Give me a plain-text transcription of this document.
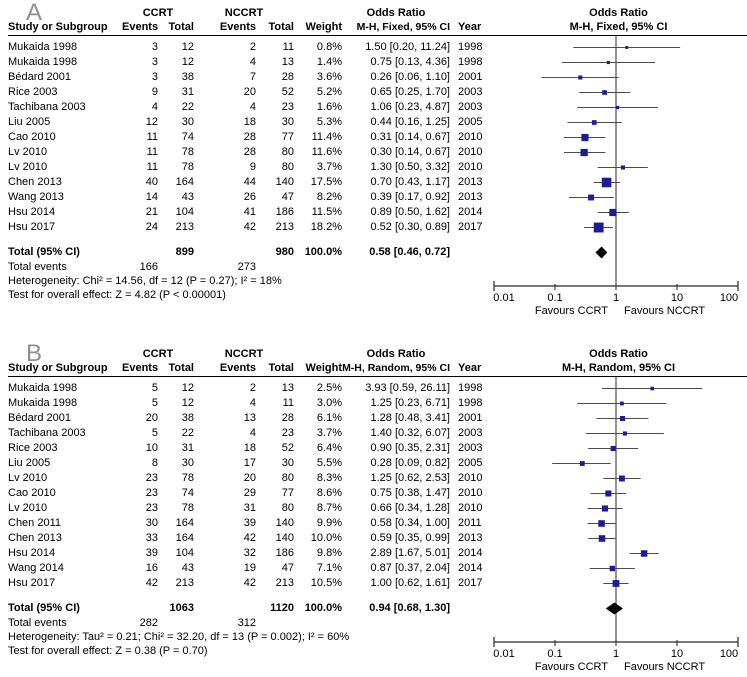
A	CCRT	NCCRT	Odds Ratio
Study or Subgroup	Events Total	Events	Total	Weight	M-H, Fixed, 95% CI Year
Mukaida 1998	3	12	2	11	0.8%	1.50 [0.20, 11.24] 1998
Mukaida 1998	3	12	4	13	1.4%	0.75 [0.13, 4.36] 1998
Bédard 2001	3	38	7	28	3.6%	0.26 [0.06, 1.10] 2001
Rice 2003	9	31	20	52	5.2%	0.65 [0.25, 1.70] 2003
Tachibana 2003	4	22	4	23	1.6%	1.06 [0.23, 4.87] 2003
Liu 2005	12	30	18	30	5.3%	0.44 [0.16, 1.25] 2005
Cao 2010	11	74	28	77	11.4%	0.31 [0.14, 0.67] 2010
Lv 2010	11	78	28	80	11.6%	0.30 [0.14, 0.67] 2010
Lv 2010	11	78	9	80	3.7%	1.30 [0.50, 3.32] 2010
Chen 2013	40	164	44	140	17.5%	0.70 [0.43, 1.17] 2013
Wang 2013	14	43	26	47	8.2%	0.39 [0.17, 0.92] 2013
Hsu 2014	21	104	41	186	11.5%	0.89 [0.50, 1.62] 2014
Hsu 2017	24	213	42	213	18.2%	0.52 [0.30, 0.89] 2017
Total (95% CI)	899	980 100.0%	0.58 [0.46, 0.72]
Total events	166	273
Heterogeneity: Chi² = 14.56, df = 12 (P = 0.27); I² = 18%
Test for overall effect: Z = 4.82 (P < 0.00001)
Odds Ratio
M-H, Fixed, 95% CI
0.01	0.1	1	10	100
Favours CCRT Favours NCCRT
B	CCRT	NCCRT	Odds Ratio
Study or Subgroup	Events Total	Events	Total	Weight M-H, Random, 95% CI Year
Mukaida 1998	5	12	2	13	2.5%	3.93 [0.59, 26.11] 1998
Mukaida 1998	5	12	4	11	3.0%	1.25 [0.23, 6.71] 1998
Bédard 2001	20	38	13	28	6.1%	1.28 [0.48, 3.41] 2001
Tachibana 2003	5	22	4	23	3.7%	1.40 [0.32, 6.07] 2003
Rice 2003	10	31	18	52	6.4%	0.90 [0.35, 2.31] 2003
Liu 2005	8	30	17	30	5.5%	0.28 [0.09, 0.82] 2005
Lv 2010	23	78	20	80	8.3%	1.25 [0.62, 2.53] 2010
Cao 2010	23	74	29	77	8.6%	0.75 [0.38, 1.47] 2010
Lv 2010	23	78	31	80	8.7%	0.66 [0.34, 1.28] 2010
Chen 2011	30	164	39	140	9.9%	0.58 [0.34, 1.00] 2011
Chen 2013	33	164	42	140	10.0%	0.59 [0.35, 0.99] 2013
Hsu 2014	39	104	32	186	9.8%	2.89 [1.67, 5.01] 2014
Wang 2014	16	43	19	47	7.1%	0.87 [0.37, 2.04] 2014
Hsu 2017	42	213	42	213	10.5%	1.00 [0.62, 1.61] 2017
Total (95% CI)	1063	1120 100.0%	0.94 [0.68, 1.30]
Total events	282	312
Heterogeneity: Tau² = 0.21; Chi² = 32.20, df = 13 (P = 0.002); I² = 60%
Test for overall effect: Z = 0.38 (P = 0.70)
Odds Ratio
M-H, Random, 95% CI
0.01	0.1	1	10	100
Favours CCRT Favours NCCRT
